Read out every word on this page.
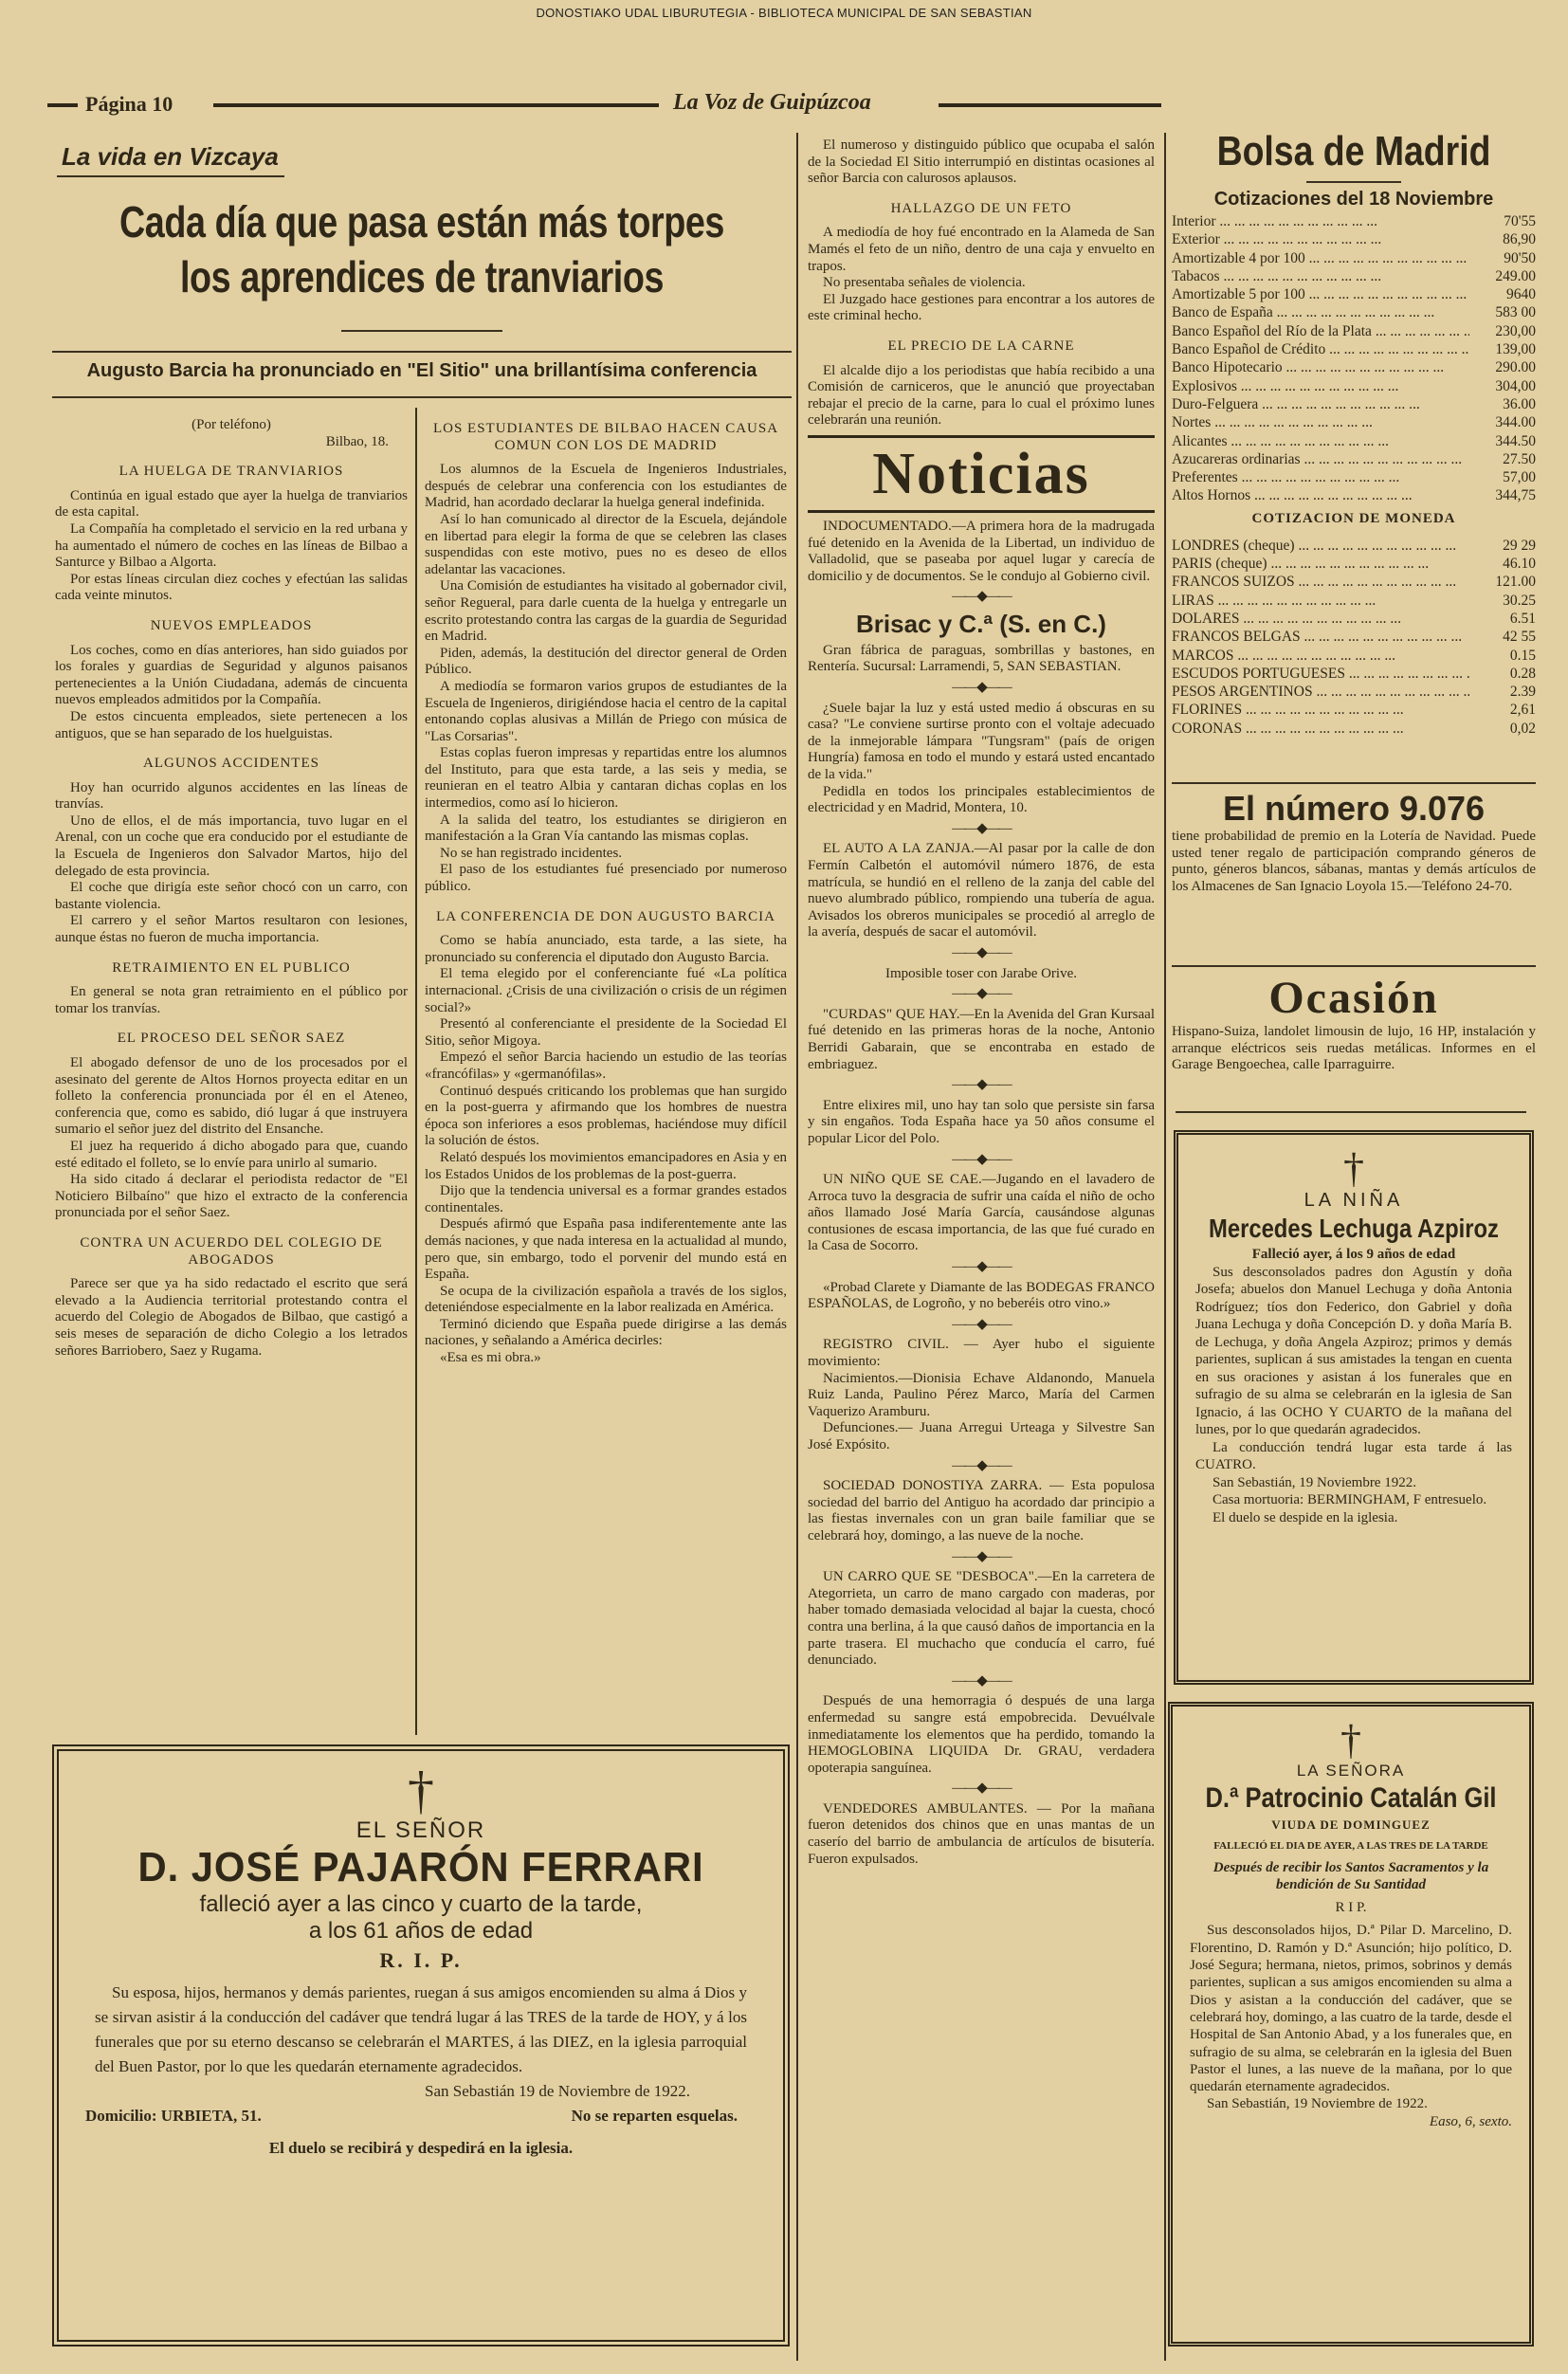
DONOSTIAKO UDAL LIBURUTEGIA - BIBLIOTECA MUNICIPAL DE SAN SEBASTIAN
Página 10	La Voz de Guipúzcoa
La vida en Vizcaya
Cada día que pasa están más torpes los aprendices de tranviarios
Augusto Barcia ha pronunciado en "El Sitio" una brillantísima conferencia
(Por teléfono)
Bilbao, 18.
LA HUELGA DE TRANVIARIOS

Continúa en igual estado que ayer la huelga de tranviarios de esta capital.

La Compañía ha completado el servicio en la red urbana y ha aumentado el número de coches en las líneas de Bilbao a Santurce y Bilbao a Algorta.

Por estas líneas circulan diez coches y efectúan las salidas cada veinte minutos.

NUEVOS EMPLEADOS

Los coches, como en días anteriores, han sido guiados por los forales y guardias de Seguridad y algunos paisanos pertenecientes a la Unión Ciudadana, además de cincuenta nuevos empleados admitidos por la Compañía.

De estos cincuenta empleados, siete pertenecen a los antiguos, que se han separado de los huelguistas.

ALGUNOS ACCIDENTES

Hoy han ocurrido algunos accidentes en las líneas de tranvías.

Uno de ellos, el de más importancia, tuvo lugar en el Arenal, con un coche que era conducido por el estudiante de la Escuela de Ingenieros don Salvador Martos, hijo del delegado de esta provincia.

El coche que dirigía este señor chocó con un carro, con bastante violencia.

El carrero y el señor Martos resultaron con lesiones, aunque éstas no fueron de mucha importancia.

RETRAIMIENTO EN EL PUBLICO

En general se nota gran retraimiento en el público por tomar los tranvías.

EL PROCESO DEL SEÑOR SAEZ

El abogado defensor de uno de los procesados por el asesinato del gerente de Altos Hornos proyecta editar en un folleto la conferencia pronunciada por él en el Ateneo, conferencia que, como es sabido, dió lugar á que instruyera sumario el señor juez del distrito del Ensanche.

El juez ha requerido á dicho abogado para que, cuando esté editado el folleto, se lo envíe para unirlo al sumario.

Ha sido citado á declarar el periodista redactor de "El Noticiero Bilbaíno" que hizo el extracto de la conferencia pronunciada por el señor Saez.

CONTRA UN ACUERDO DEL COLEGIO DE ABOGADOS

Parece ser que ya ha sido redactado el escrito que será elevado a la Audiencia territorial protestando contra el acuerdo del Colegio de Abogados de Bilbao, que castigó a seis meses de separación de dicho Colegio a los letrados señores Barriobero, Saez y Rugama.

LOS ESTUDIANTES DE BILBAO HACEN CAUSA COMUN CON LOS DE MADRID

Los alumnos de la Escuela de Ingenieros Industriales, después de celebrar una conferencia con los estudiantes de Madrid, han acordado declarar la huelga general indefinida.

Así lo han comunicado al director de la Escuela, dejándole en libertad para elegir la forma de que se celebren las clases suspendidas con este motivo, pues no es deseo de ellos adelantar las vacaciones.

Una Comisión de estudiantes ha visitado al gobernador civil, señor Regueral, para darle cuenta de la huelga y entregarle un escrito protestando contra las cargas de la guardia de Seguridad en Madrid.

Piden, además, la destitución del director general de Orden Público.

A mediodía se formaron varios grupos de estudiantes de la Escuela de Ingenieros, dirigiéndose hacia el centro de la capital entonando coplas alusivas a Millán de Priego con música de "Las Corsarias".

Estas coplas fueron impresas y repartidas entre los alumnos del Instituto, para que esta tarde, a las seis y media, se reunieran en el teatro Albia y cantaran dichas coplas en los intermedios, como así lo hicieron.

A la salida del teatro, los estudiantes se dirigieron en manifestación a la Gran Vía cantando las mismas coplas.

No se han registrado incidentes.

El paso de los estudiantes fué presenciado por numeroso público.

LA CONFERENCIA DE DON AUGUSTO BARCIA

Como se había anunciado, esta tarde, a las siete, ha pronunciado su conferencia el diputado don Augusto Barcia.

El tema elegido por el conferenciante fué «La política internacional. ¿Crisis de una civilización o crisis de un régimen social?»

Presentó al conferenciante el presidente de la Sociedad El Sitio, señor Migoya.

Empezó el señor Barcia haciendo un estudio de las teorías «francófilas» y «germanófilas».

Continuó después criticando los problemas que han surgido en la post-guerra y afirmando que los hombres de nuestra época son inferiores a esos problemas, haciéndose muy difícil la solución de éstos.

Relató después los movimientos emancipadores en Asia y en los Estados Unidos de los problemas de la post-guerra.

Dijo que la tendencia universal es a formar grandes estados continentales.

Después afirmó que España pasa indiferentemente ante las demás naciones, y que nada interesa en la actualidad al mundo, pero que, sin embargo, todo el porvenir del mundo está en España.

Se ocupa de la civilización española a través de los siglos, deteniéndose especialmente en la labor realizada en América.

Terminó diciendo que España puede dirigirse a las demás naciones, y señalando a América decirles:

«Esa es mi obra.»

El numeroso y distinguido público que ocupaba el salón de la Sociedad El Sitio interrumpió en distintas ocasiones al señor Barcia con calurosos aplausos.

HALLAZGO DE UN FETO

A mediodía de hoy fué encontrado en la Alameda de San Mamés el feto de un niño, dentro de una caja y envuelto en trapos.

No presentaba señales de violencia.

El Juzgado hace gestiones para encontrar a los autores de este criminal hecho.

EL PRECIO DE LA CARNE

El alcalde dijo a los periodistas que había recibido a una Comisión de carniceros, que le anunció que proyectaban rebajar el precio de la carne, para lo cual el próximo lunes celebrarán una reunión.

Noticias

INDOCUMENTADO.—A primera hora de la madrugada fué detenido en la Avenida de la Libertad, un individuo de Valladolid, que se paseaba por aquel lugar y carecía de domicilio y de documentos. Se le condujo al Gobierno civil.

——◆——
Brisac y C.ª (S. en C.)

Gran fábrica de paraguas, sombrillas y bastones, en Rentería. Sucursal: Larramendi, 5, SAN SEBASTIAN.

——◆——

¿Suele bajar la luz y está usted medio á obscuras en su casa? "Le conviene surtirse pronto con el voltaje adecuado de la inmejorable lámpara "Tungsram" (país de origen Hungría) famosa en todo el mundo y estará usted encantado de la vida."

Pedidla en todos los principales establecimientos de electricidad y en Madrid, Montera, 10.

——◆——

EL AUTO A LA ZANJA.—Al pasar por la calle de don Fermín Calbetón el automóvil número 1876, de esta matrícula, se hundió en el relleno de la zanja del cable del nuevo alumbrado público, rompiendo una tubería de agua. Avisados los obreros municipales se procedió al arreglo de la avería, después de sacar el automóvil.

——◆——
Imposible toser con Jarabe Orive.
——◆——

"CURDAS" QUE HAY.—En la Avenida del Gran Kursaal fué detenido en las primeras horas de la noche, Antonio Berridi Gabarain, que se encontraba en estado de embriaguez.

——◆——

Entre elixires mil, uno hay tan solo que persiste sin farsa y sin engaños. Toda España hace ya 50 años consume el popular Licor del Polo.

——◆——

UN NIÑO QUE SE CAE.—Jugando en el lavadero de Arroca tuvo la desgracia de sufrir una caída el niño de ocho años llamado José María García, causándose algunas contusiones de escasa importancia, de las que fué curado en la Casa de Socorro.

——◆——

«Probad Clarete y Diamante de las BODEGAS FRANCO ESPAÑOLAS, de Logroño, y no beberéis otro vino.»

——◆——

REGISTRO CIVIL. — Ayer hubo el siguiente movimiento:

Nacimientos.—Dionisia Echave Aldanondo, Manuela Ruiz Landa, Paulino Pérez Marco, María del Carmen Vaquerizo Aramburu.

Defunciones.— Juana Arregui Urteaga y Silvestre San José Expósito.

——◆——

SOCIEDAD DONOSTIYA ZARRA. — Esta populosa sociedad del barrio del Antiguo ha acordado dar principio a las fiestas invernales con un gran baile familiar que se celebrará hoy, domingo, a las nueve de la noche.

——◆——

UN CARRO QUE SE "DESBOCA".—En la carretera de Ategorrieta, un carro de mano cargado con maderas, por haber tomado demasiada velocidad al bajar la cuesta, chocó contra una berlina, á la que causó daños de importancia en la parte trasera. El muchacho que conducía el carro, fué denunciado.

——◆——

Después de una hemorragia ó después de una larga enfermedad su sangre está empobrecida. Devuélvale inmediatamente los elementos que ha perdido, tomando la HEMOGLOBINA LIQUIDA Dr. GRAU, verdadera opoterapia sanguínea.

——◆——

VENDEDORES AMBULANTES. — Por la mañana fueron detenidos dos chinos que en unas mantas de un caserío del barrio de ambulancia de artículos de bisutería. Fueron expulsados.

Bolsa de Madrid
Cotizaciones del 18 Noviembre
Interior ... .	70'55
Exterior ... .	86,90
Amortizable 4 por 100 ... .	90'50
Tabacos ... .	249.00
Amortizable 5 por 100 ... .	9640
Banco de España ... .	583 00
Banco Español del Río de la Plata ... .	230,00
Banco Español de Crédito ... .	139,00
Banco Hipotecario ... .	290.00
Explosivos ... .	304,00
Duro-Felguera ... .	36.00
Nortes ... .	344.00
Alicantes ... .	344.50
Azucareras ordinarias ... .	27.50
Preferentes ... .	57,00
Altos Hornos ... .	344,75
COTIZACION DE MONEDA
LONDRES (cheque) ... .	29 29
PARIS (cheque) ... .	46.10
FRANCOS SUIZOS ... .	121.00
LIRAS ... .	30.25
DOLARES ... .	6.51
FRANCOS BELGAS ... .	42 55
MARCOS ... .	0.15
ESCUDOS PORTUGUESES ... .	0.28
PESOS ARGENTINOS ... .	2.39
FLORINES ... .	2,61
CORONAS ... .	0,02
El número 9.076
tiene probabilidad de premio en la Lotería de Navidad. Puede usted tener regalo de participación comprando géneros de punto, géneros blancos, sábanas, mantas y demás artículos de los Almacenes de San Ignacio Loyola 15.—Teléfono 24-70.
Ocasión
Hispano-Suiza, landolet limousin de lujo, 16 HP, instalación y arranque eléctricos seis ruedas metálicas. Informes en el Garage Bengoechea, calle Iparraguirre.
†
LA NIÑA
Mercedes Lechuga Azpiroz
Falleció ayer, á los 9 años de edad

Sus desconsolados padres don Agustín y doña Josefa; abuelos don Manuel Lechuga y doña Antonia Rodríguez; tíos don Federico, don Gabriel y doña Juana Lechuga y doña Concepción D. y doña María B. de Lechuga, y doña Angela Azpiroz; primos y demás parientes, suplican á sus amistades la tengan en cuenta en sus oraciones y asistan á los funerales que en sufragio de su alma se celebrarán en la iglesia de San Ignacio, á las OCHO Y CUARTO de la mañana del lunes, por lo que quedarán agradecidos.

La conducción tendrá lugar esta tarde á las CUATRO.

San Sebastián, 19 Noviembre 1922.

Casa mortuoria: BERMINGHAM, F entresuelo.

El duelo se despide en la iglesia.

†
LA SEÑORA
D.ª Patrocinio Catalán Gil
VIUDA DE DOMINGUEZ
FALLECIÓ EL DIA DE AYER, A LAS TRES DE LA TARDE
Después de recibir los Santos Sacramentos y la bendición de Su Santidad
R I P.

Sus desconsolados hijos, D.ª Pilar D. Marcelino, D. Florentino, D. Ramón y D.ª Asunción; hijo político, D. José Segura; hermana, nietos, primos, sobrinos y demás parientes, suplican a sus amigos encomienden su alma a Dios y asistan a la conducción del cadáver, que se celebrará hoy, domingo, a las cuatro de la tarde, desde el Hospital de San Antonio Abad, y a los funerales que, en sufragio de su alma, se celebrarán en la iglesia del Buen Pastor el lunes, a las nueve de la mañana, por lo que quedarán eternamente agradecidos.

San Sebastián, 19 Noviembre de 1922.

Easo, 6, sexto.
†
EL SEÑOR
D. JOSÉ PAJARÓN FERRARI
falleció ayer a las cinco y cuarto de la tarde,
a los 61 años de edad
R. I. P.

Su esposa, hijos, hermanos y demás parientes, ruegan á sus amigos encomienden su alma á Dios y se sirvan asistir á la conducción del cadáver que tendrá lugar á las TRES de la tarde de HOY, y á los funerales que por su eterno descanso se celebrarán el MARTES, á las DIEZ, en la iglesia parroquial del Buen Pastor, por lo que les quedarán eternamente agradecidos.

San Sebastián 19 de Noviembre de 1922.
Domicilio: URBIETA, 51.	No se reparten esquelas.
El duelo se recibirá y despedirá en la iglesia.
